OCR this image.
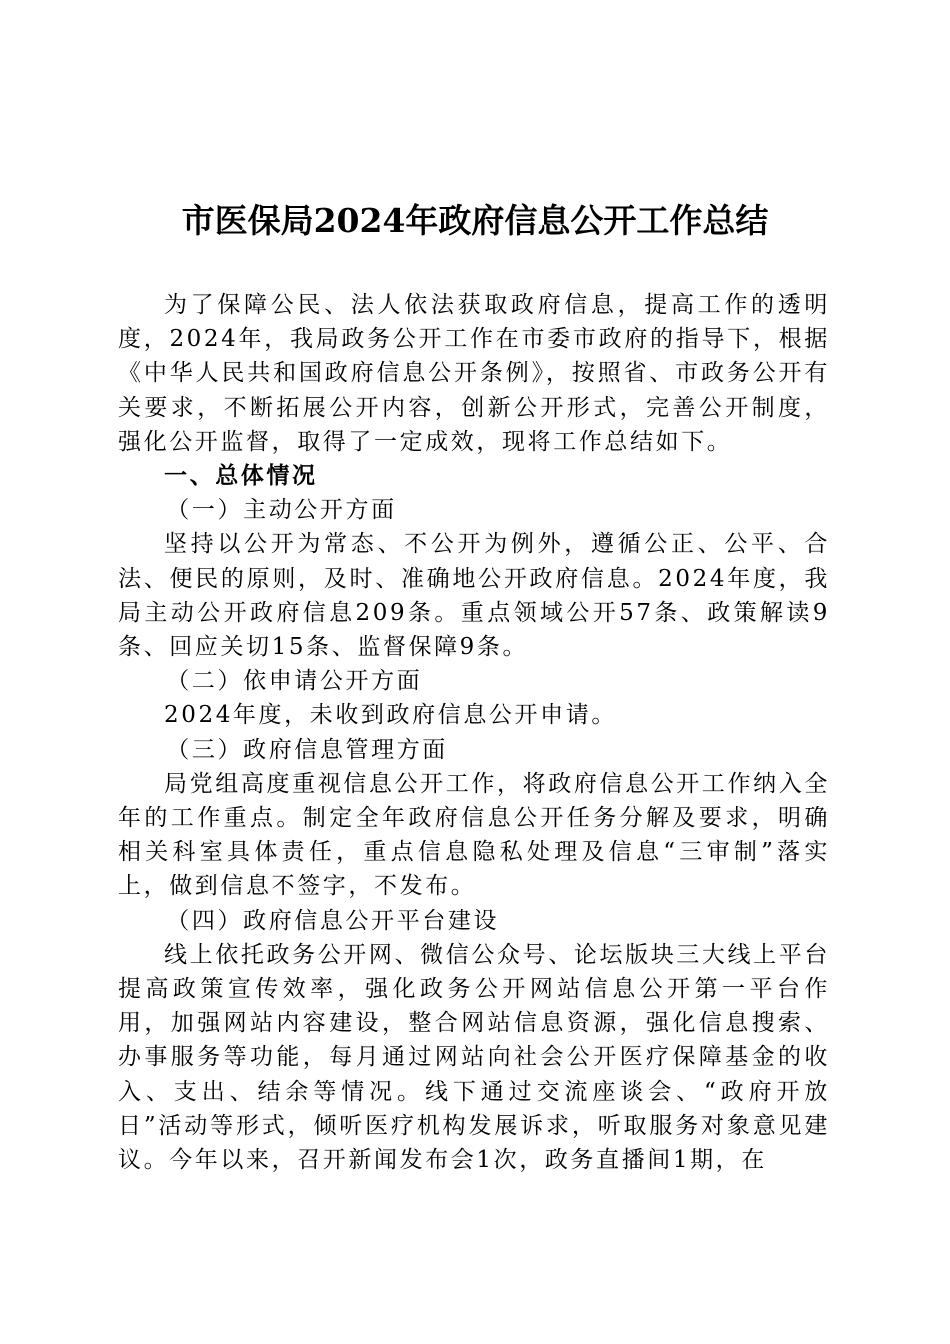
市医保局2024年政府信息公开工作总结

为了保障公民、法人依法获取政府信息，提高工作的透明度，2024年，我局政务公开工作在市委市政府的指导下，根据《中华人民共和国政府信息公开条例》，按照省、市政务公开有关要求，不断拓展公开内容，创新公开形式，完善公开制度，强化公开监督，取得了一定成效，现将工作总结如下。

一、总体情况

（一）主动公开方面

坚持以公开为常态、不公开为例外，遵循公正、公平、合法、便民的原则，及时、准确地公开政府信息。2024年度，我局主动公开政府信息209条。重点领域公开57条、政策解读9条、回应关切15条、监督保障9条。

（二）依申请公开方面

2024年度，未收到政府信息公开申请。

（三）政府信息管理方面

局党组高度重视信息公开工作，将政府信息公开工作纳入全年的工作重点。制定全年政府信息公开任务分解及要求，明确相关科室具体责任，重点信息隐私处理及信息“三审制”落实上，做到信息不签字，不发布。

（四）政府信息公开平台建设

线上依托政务公开网、微信公众号、论坛版块三大线上平台提高政策宣传效率，强化政务公开网站信息公开第一平台作用，加强网站内容建设，整合网站信息资源，强化信息搜索、办事服务等功能，每月通过网站向社会公开医疗保障基金的收入、支出、结余等情况。线下通过交流座谈会、“政府开放日”活动等形式，倾听医疗机构发展诉求，听取服务对象意见建议。今年以来，召开新闻发布会1次，政务直播间1期，在
